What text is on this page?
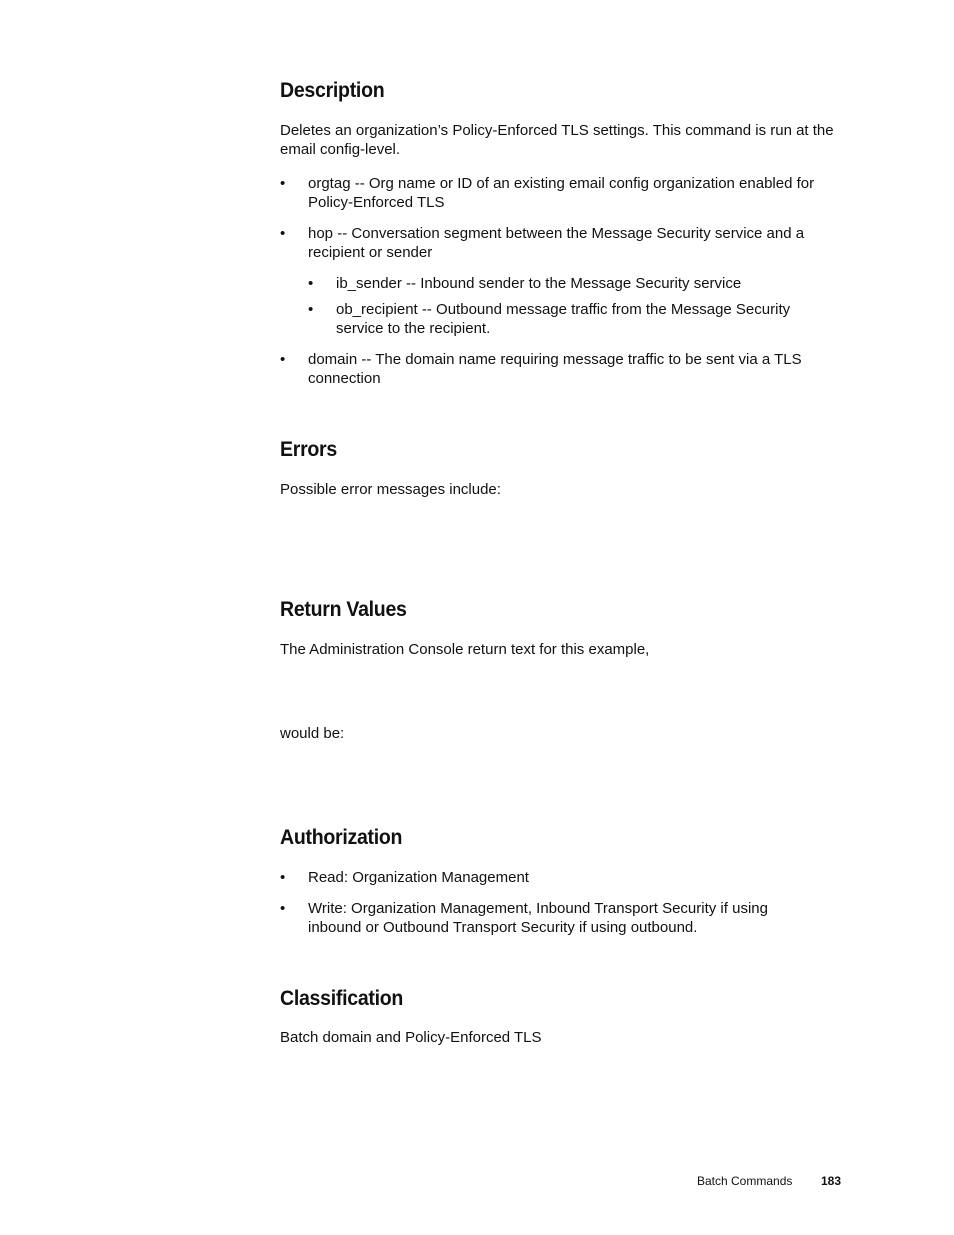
Description

Deletes an organization’s Policy-Enforced TLS settings. This command is run at the email config-level.

• orgtag -- Org name or ID of an existing email config organization enabled for Policy-Enforced TLS
• hop -- Conversation segment between the Message Security service and a recipient or sender
• ib_sender -- Inbound sender to the Message Security service
• ob_recipient -- Outbound message traffic from the Message Security service to the recipient.
• domain -- The domain name requiring message traffic to be sent via a TLS connection
Errors

Possible error messages include:

Return Values

The Administration Console return text for this example,

would be:

Authorization
• Read: Organization Management
• Write: Organization Management, Inbound Transport Security if using inbound or Outbound Transport Security if using outbound.
Classification

Batch domain and Policy-Enforced TLS

Batch Commands 183
